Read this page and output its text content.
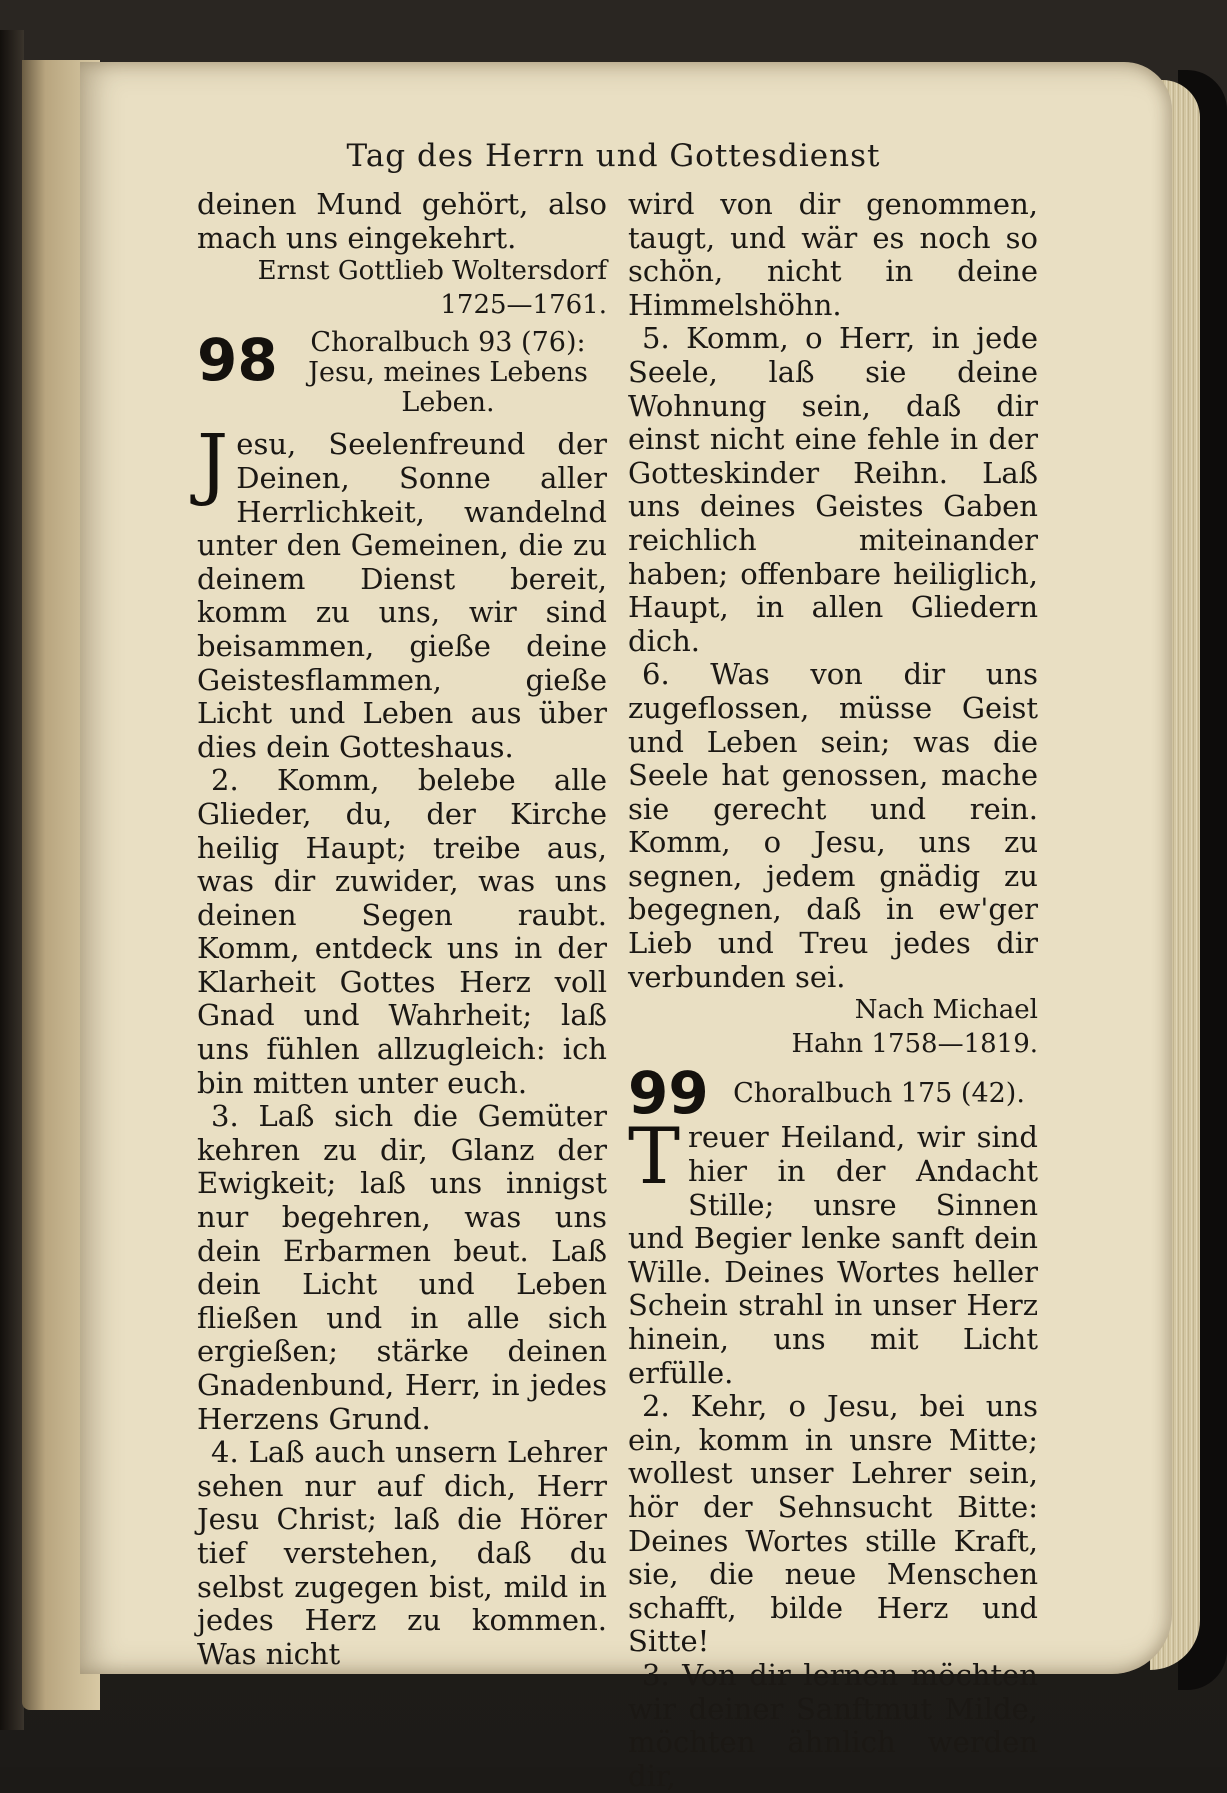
Tag des Herrn und Gottesdienst

deinen Mund gehört, also mach uns eingekehrt.

Ernst Gottlieb Woltersdorf

1725—1761.

98	Choralbuch 93 (76):
Jesu, meines Lebens Leben.

Jesu, Seelenfreund der Deinen, Sonne aller Herrlichkeit, wandelnd unter den Gemeinen, die zu deinem Dienst bereit, komm zu uns, wir sind beisammen, gieße deine Geistesflammen, gieße Licht und Leben aus über dies dein Gotteshaus.

2. Komm, belebe alle Glieder, du, der Kirche heilig Haupt; treibe aus, was dir zuwider, was uns deinen Segen raubt. Komm, entdeck uns in der Klarheit Gottes Herz voll Gnad und Wahrheit; laß uns fühlen allzugleich: ich bin mitten unter euch.

3. Laß sich die Gemüter kehren zu dir, Glanz der Ewigkeit; laß uns innigst nur begehren, was uns dein Erbarmen beut. Laß dein Licht und Leben fließen und in alle sich ergießen; stärke deinen Gnadenbund, Herr, in jedes Herzens Grund.

4. Laß auch unsern Lehrer sehen nur auf dich, Herr Jesu Christ; laß die Hörer tief verstehen, daß du selbst zugegen bist, mild in jedes Herz zu kommen. Was nicht

wird von dir genommen, taugt, und wär es noch so schön, nicht in deine Himmelshöhn.

5. Komm, o Herr, in jede Seele, laß sie deine Wohnung sein, daß dir einst nicht eine fehle in der Gotteskinder Reihn. Laß uns deines Geistes Gaben reichlich miteinander haben; offenbare heiliglich, Haupt, in allen Gliedern dich.

6. Was von dir uns zugeflossen, müsse Geist und Leben sein; was die Seele hat genossen, mache sie gerecht und rein. Komm, o Jesu, uns zu segnen, jedem gnädig zu begegnen, daß in ew'ger Lieb und Treu jedes dir verbunden sei.

Nach Michael

Hahn 1758—1819.

99 Choralbuch 175 (42).

Treuer Heiland, wir sind hier in der Andacht Stille; unsre Sinnen und Begier lenke sanft dein Wille. Deines Wortes heller Schein strahl in unser Herz hinein, uns mit Licht erfülle.

2. Kehr, o Jesu, bei uns ein, komm in unsre Mitte; wollest unser Lehrer sein, hör der Sehnsucht Bitte: Deines Wortes stille Kraft, sie, die neue Menschen schafft, bilde Herz und Sitte!

3. Von dir lernen möchten wir deiner Sanftmut Milde, möchten ähnlich werden dir,
